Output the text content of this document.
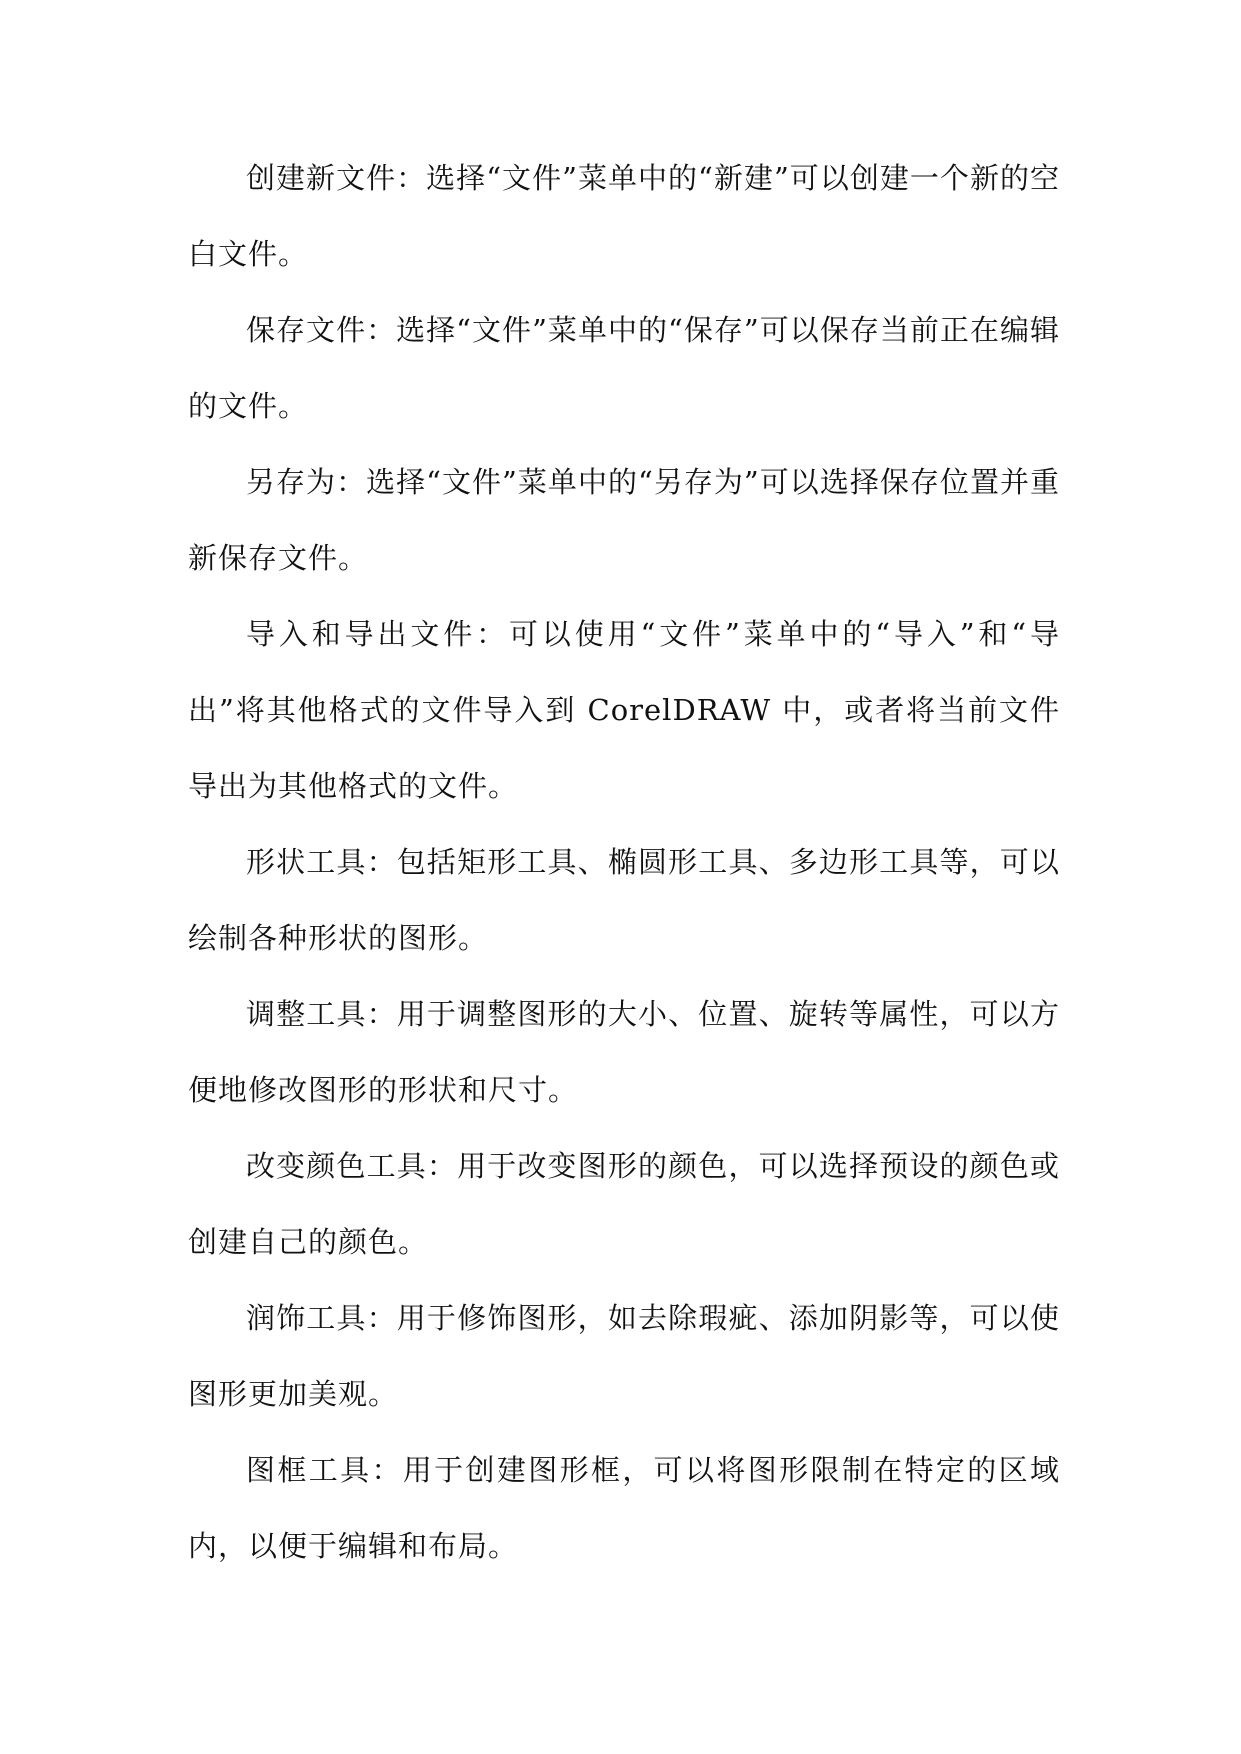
创建新文件：选择“文件”菜单中的“新建”可以创建一个新的空白文件。

保存文件：选择“文件”菜单中的“保存”可以保存当前正在编辑的文件。

另存为：选择“文件”菜单中的“另存为”可以选择保存位置并重新保存文件。

导入和导出文件：可以使用“文件”菜单中的“导入”和“导出”将其他格式的文件导入到 CorelDRAW 中，或者将当前文件导出为其他格式的文件。

形状工具：包括矩形工具、椭圆形工具、多边形工具等，可以绘制各种形状的图形。

调整工具：用于调整图形的大小、位置、旋转等属性，可以方便地修改图形的形状和尺寸。

改变颜色工具：用于改变图形的颜色，可以选择预设的颜色或创建自己的颜色。

润饰工具：用于修饰图形，如去除瑕疵、添加阴影等，可以使图形更加美观。

图框工具：用于创建图形框，可以将图形限制在特定的区域内，以便于编辑和布局。
